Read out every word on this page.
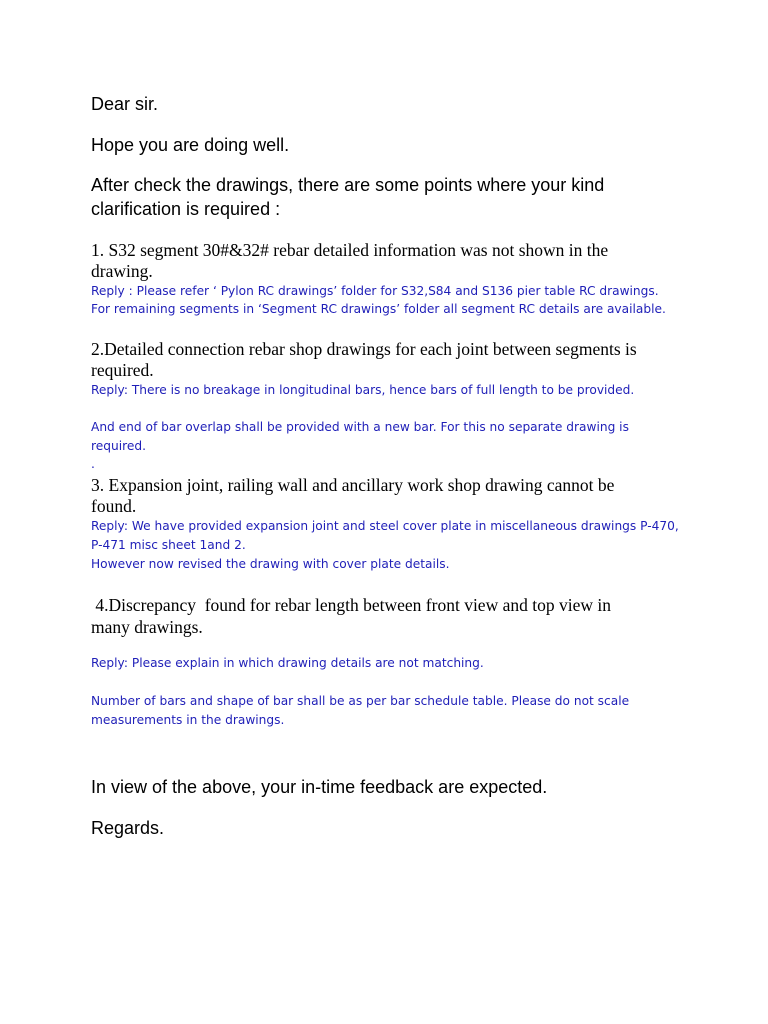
Dear sir.

Hope you are doing well.

After check the drawings, there are some points where your kind

clarification is required :

1. S32 segment 30#&32# rebar detailed information was not shown in the

drawing.

Reply : Please refer ‘ Pylon RC drawings’ folder for S32,S84 and S136 pier table RC drawings.

For remaining segments in ‘Segment RC drawings’ folder all segment RC details are available.

2.Detailed connection rebar shop drawings for each joint between segments is

required.

Reply: There is no breakage in longitudinal bars, hence bars of full length to be provided.

And end of bar overlap shall be provided with a new bar. For this no separate drawing is

required.

.

3. Expansion joint, railing wall and ancillary work shop drawing cannot be

found.

Reply: We have provided expansion joint and steel cover plate in miscellaneous drawings P-470,

P-471 misc sheet 1and 2.

However now revised the drawing with cover plate details.

4.Discrepancy  found for rebar length between front view and top view in

many drawings.

Reply: Please explain in which drawing details are not matching.

Number of bars and shape of bar shall be as per bar schedule table. Please do not scale

measurements in the drawings.

In view of the above, your in-time feedback are expected.

Regards.
